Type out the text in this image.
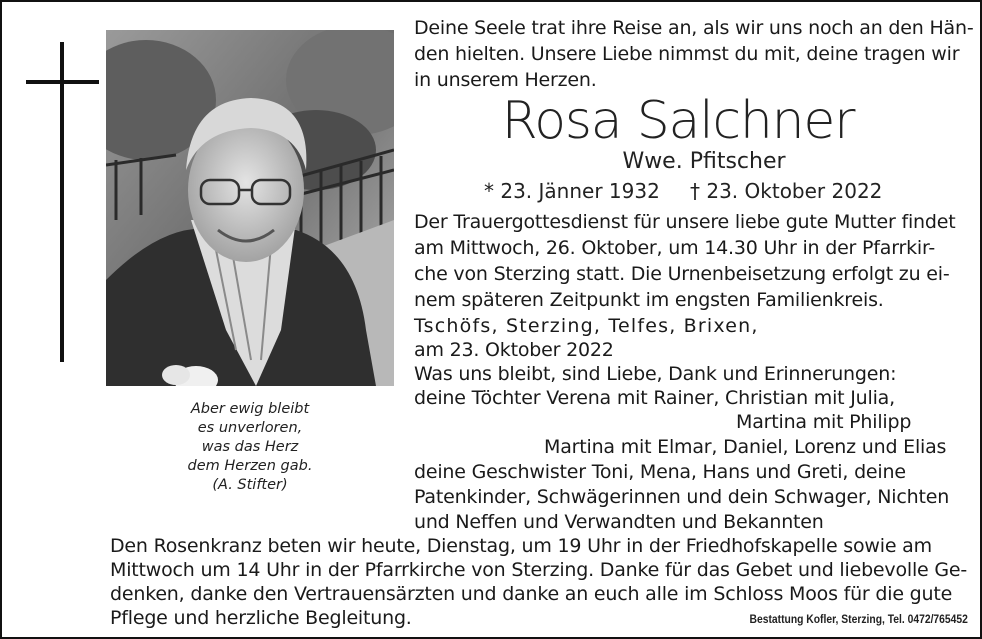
Aber ewig bleibt
es unverloren,
was das Herz
dem Herzen gab.
(A. Stifter)
Deine Seele trat ihre Reise an, als wir uns noch an den Hän-
den hielten. Unsere Liebe nimmst du mit, deine tragen wir
in unserem Herzen.
Rosa Salchner
Wwe. Pfitscher
* 23. Jänner 1932 † 23. Oktober 2022
Der Trauergottesdienst für unsere liebe gute Mutter findet
am Mittwoch, 26. Oktober, um 14.30 Uhr in der Pfarrkir-
che von Sterzing statt. Die Urnenbeisetzung erfolgt zu ei-
nem späteren Zeitpunkt im engsten Familienkreis.
Tschöfs, Sterzing, Telfes, Brixen,
am 23. Oktober 2022
Was uns bleibt, sind Liebe, Dank und Erinnerungen:
deine Töchter Verena mit Rainer, Christian mit Julia,
Martina mit Philipp
Martina mit Elmar, Daniel, Lorenz und Elias
deine Geschwister Toni, Mena, Hans und Greti, deine
Patenkinder, Schwägerinnen und dein Schwager, Nichten
und Neffen und Verwandten und Bekannten
Den Rosenkranz beten wir heute, Dienstag, um 19 Uhr in der Friedhofskapelle sowie am
Mittwoch um 14 Uhr in der Pfarrkirche von Sterzing. Danke für das Gebet und liebevolle Ge-
denken, danke den Vertrauensärzten und danke an euch alle im Schloss Moos für die gute
Pflege und herzliche Begleitung.	Bestattung Kofler, Sterzing, Tel. 0472/765452
